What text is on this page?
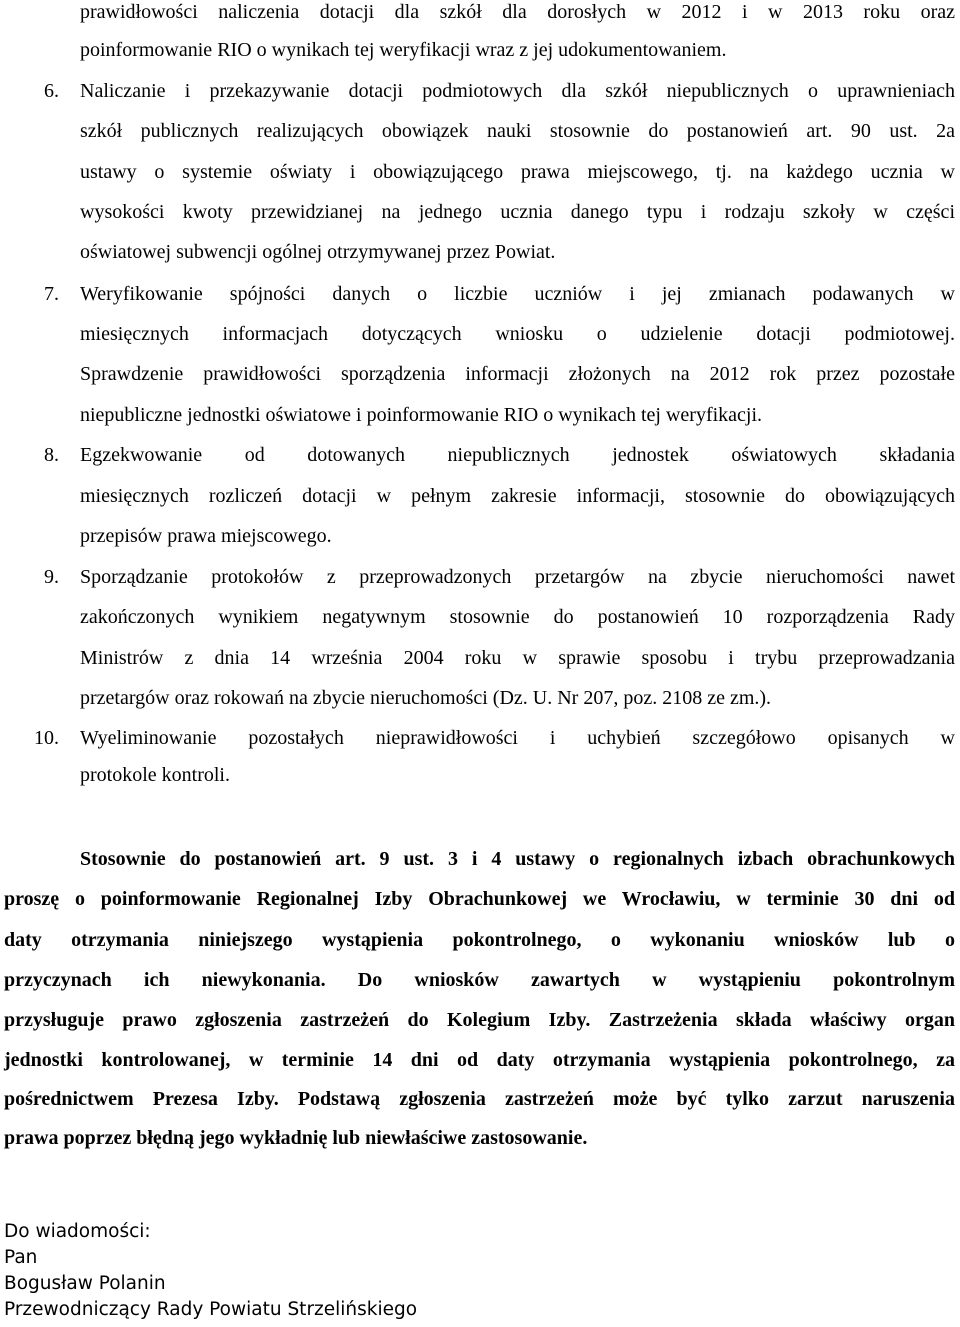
prawidłowości naliczenia dotacji dla szkół dla dorosłych w 2012 i w 2013 roku oraz
poinformowanie RIO o wynikach tej weryfikacji wraz z jej udokumentowaniem.
6. Naliczanie i przekazywanie dotacji podmiotowych dla szkół niepublicznych o uprawnieniach
szkół publicznych realizujących obowiązek nauki stosownie do postanowień art. 90 ust. 2a
ustawy o systemie oświaty i obowiązującego prawa miejscowego, tj. na każdego ucznia w
wysokości kwoty przewidzianej na jednego ucznia danego typu i rodzaju szkoły w części
oświatowej subwencji ogólnej otrzymywanej przez Powiat.
7. Weryfikowanie spójności danych o liczbie uczniów i jej zmianach podawanych w
miesięcznych informacjach dotyczących wniosku o udzielenie dotacji podmiotowej.
Sprawdzenie prawidłowości sporządzenia informacji złożonych na 2012 rok przez pozostałe
niepubliczne jednostki oświatowe i poinformowanie RIO o wynikach tej weryfikacji.
8. Egzekwowanie od dotowanych niepublicznych jednostek oświatowych składania
miesięcznych rozliczeń dotacji w pełnym zakresie informacji, stosownie do obowiązujących
przepisów prawa miejscowego.
9. Sporządzanie protokołów z przeprowadzonych przetargów na zbycie nieruchomości nawet
zakończonych wynikiem negatywnym stosownie do postanowień 10 rozporządzenia Rady
Ministrów z dnia 14 września 2004 roku w sprawie sposobu i trybu przeprowadzania
przetargów oraz rokowań na zbycie nieruchomości (Dz. U. Nr 207, poz. 2108 ze zm.).
10. Wyeliminowanie pozostałych nieprawidłowości i uchybień szczegółowo opisanych w
protokole kontroli.
Stosownie do postanowień art. 9 ust. 3 i 4 ustawy o regionalnych izbach obrachunkowych
proszę o poinformowanie Regionalnej Izby Obrachunkowej we Wrocławiu, w terminie 30 dni od
daty otrzymania niniejszego wystąpienia pokontrolnego, o wykonaniu wniosków lub o
przyczynach ich niewykonania. Do wniosków zawartych w wystąpieniu pokontrolnym
przysługuje prawo zgłoszenia zastrzeżeń do Kolegium Izby. Zastrzeżenia składa właściwy organ
jednostki kontrolowanej, w terminie 14 dni od daty otrzymania wystąpienia pokontrolnego, za
pośrednictwem Prezesa Izby. Podstawą zgłoszenia zastrzeżeń może być tylko zarzut naruszenia
prawa poprzez błędną jego wykładnię lub niewłaściwe zastosowanie.
Do wiadomości:
Pan
Bogusław Polanin
Przewodniczący Rady Powiatu Strzelińskiego
